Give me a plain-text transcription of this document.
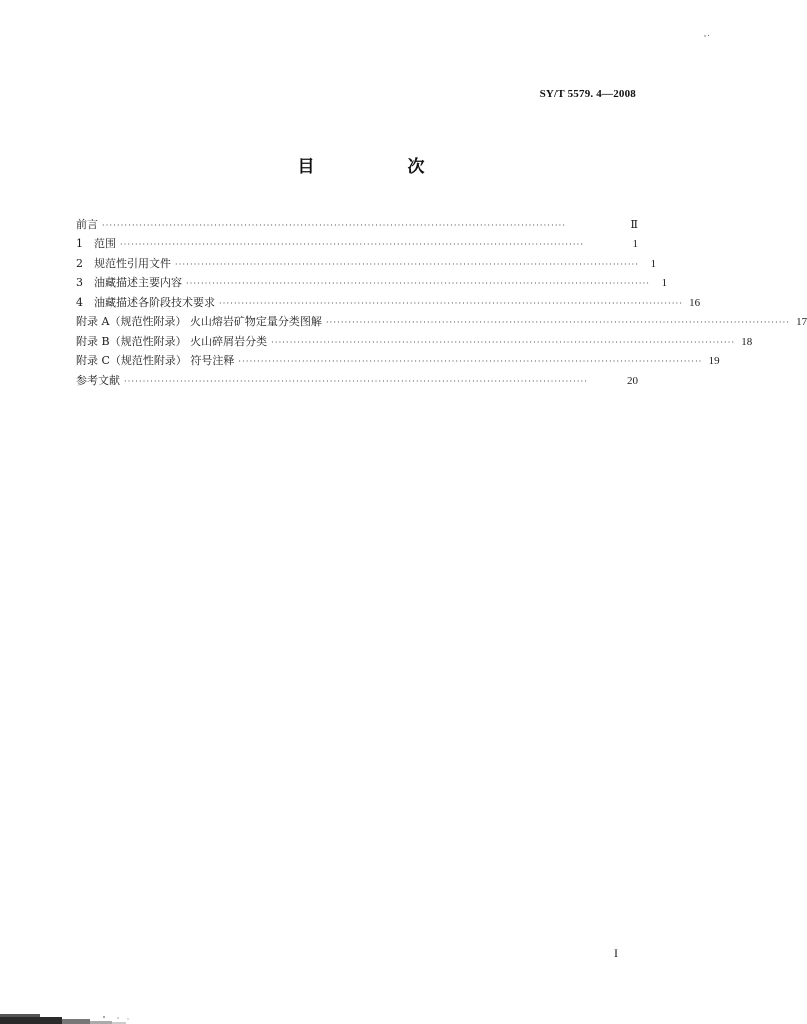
SY/T 5579. 4—2008
目　次
前言 ····························································································································	Ⅱ
1 范围 ····························································································································	1
2 规范性引用文件 ····························································································································	1
3 油藏描述主要内容 ····························································································································	1
4 油藏描述各阶段技术要求 ···························································································································· 16
附录 A（规范性附录） 火山熔岩矿物定量分类图解 ···························································································································· 17
附录 B（规范性附录） 火山碎屑岩分类 ···························································································································· 18
附录 C（规范性附录） 符号注释 ···························································································································· 19
参考文献 ····························································································································	20
I
